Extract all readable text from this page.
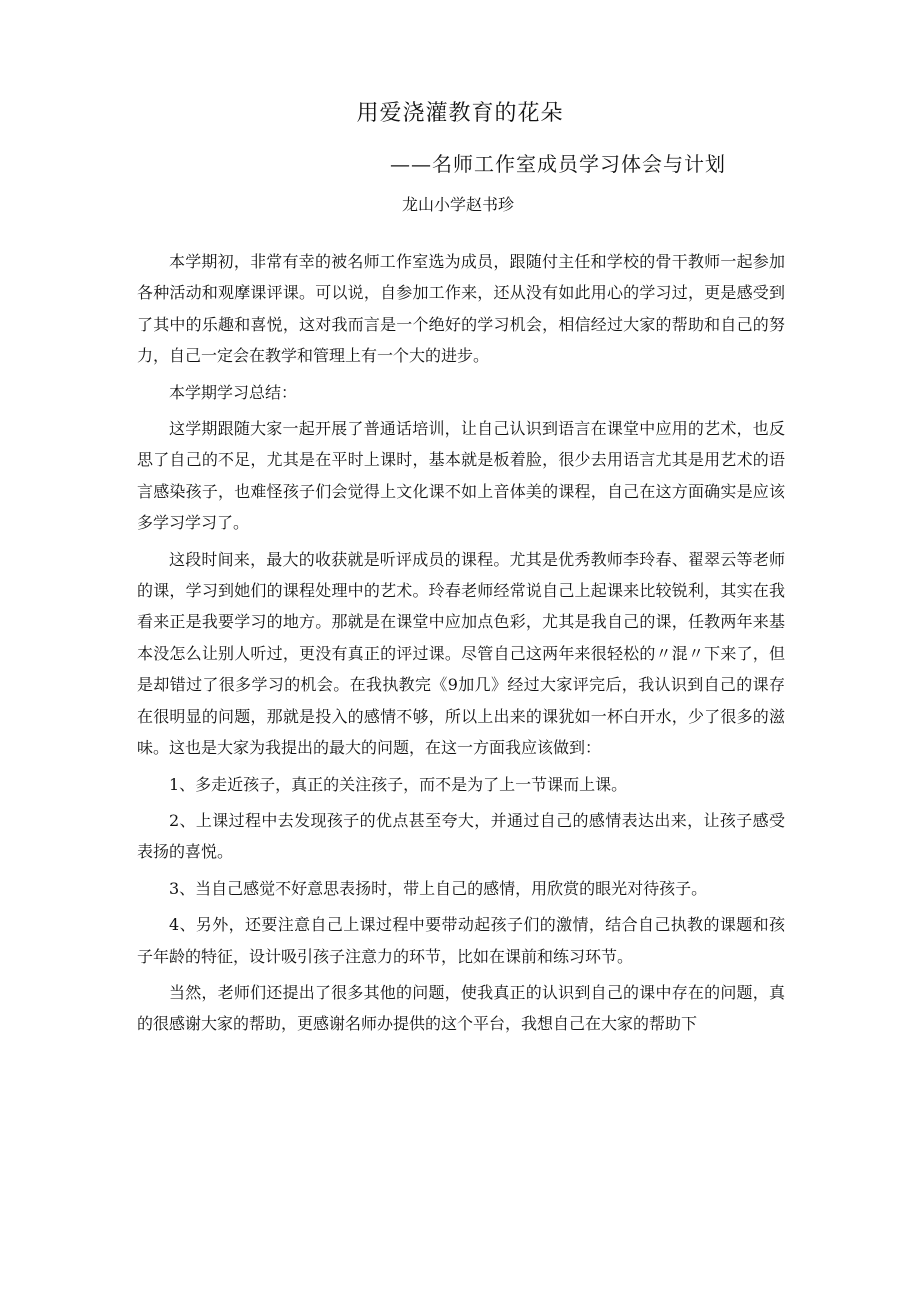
用爱浇灌教育的花朵
——名师工作室成员学习体会与计划
龙山小学赵书珍

本学期初，非常有幸的被名师工作室选为成员，跟随付主任和学校的骨干教师一起参加各种活动和观摩课评课。可以说，自参加工作来，还从没有如此用心的学习过，更是感受到了其中的乐趣和喜悦，这对我而言是一个绝好的学习机会，相信经过大家的帮助和自己的努力，自己一定会在教学和管理上有一个大的进步。

本学期学习总结：

这学期跟随大家一起开展了普通话培训，让自己认识到语言在课堂中应用的艺术，也反思了自己的不足，尤其是在平时上课时，基本就是板着脸，很少去用语言尤其是用艺术的语言感染孩子，也难怪孩子们会觉得上文化课不如上音体美的课程，自己在这方面确实是应该多学习学习了。

这段时间来，最大的收获就是听评成员的课程。尤其是优秀教师李玲春、翟翠云等老师的课，学习到她们的课程处理中的艺术。玲春老师经常说自己上起课来比较锐利，其实在我看来正是我要学习的地方。那就是在课堂中应加点色彩，尤其是我自己的课，任教两年来基本没怎么让别人听过，更没有真正的评过课。尽管自己这两年来很轻松的〃混〃下来了，但是却错过了很多学习的机会。在我执教完《9加几》经过大家评完后，我认识到自己的课存在很明显的问题，那就是投入的感情不够，所以上出来的课犹如一杯白开水，少了很多的滋味。这也是大家为我提出的最大的问题，在这一方面我应该做到：

1、多走近孩子，真正的关注孩子，而不是为了上一节课而上课。

2、上课过程中去发现孩子的优点甚至夸大，并通过自己的感情表达出来，让孩子感受表扬的喜悦。

3、当自己感觉不好意思表扬时，带上自己的感情，用欣赏的眼光对待孩子。

4、另外，还要注意自己上课过程中要带动起孩子们的激情，结合自己执教的课题和孩子年龄的特征，设计吸引孩子注意力的环节，比如在课前和练习环节。

当然，老师们还提出了很多其他的问题，使我真正的认识到自己的课中存在的问题，真的很感谢大家的帮助，更感谢名师办提供的这个平台，我想自己在大家的帮助下
